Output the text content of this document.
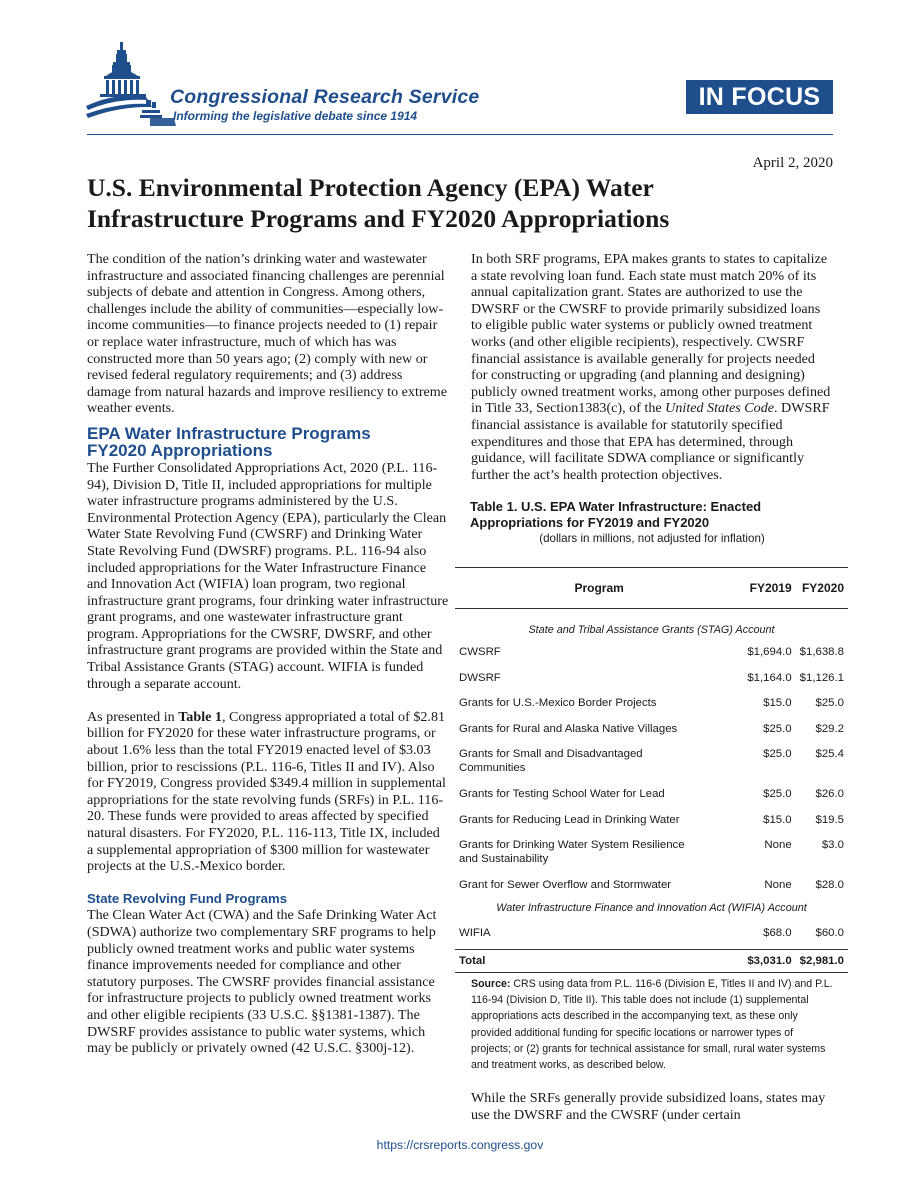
Congressional Research Service
Informing the legislative debate since 1914
IN FOCUS
April 2, 2020
U.S. Environmental Protection Agency (EPA) Water
Infrastructure Programs and FY2020 Appropriations

The condition of the nation’s drinking water and wastewater infrastructure and associated financing challenges are perennial subjects of debate and attention in Congress. Among others, challenges include the ability of communities—especially low-income communities—to finance projects needed to (1) repair or replace water infrastructure, much of which has was constructed more than 50 years ago; (2) comply with new or revised federal regulatory requirements; and (3) address damage from natural hazards and improve resiliency to extreme weather events.

EPA Water Infrastructure Programs
FY2020 Appropriations

The Further Consolidated Appropriations Act, 2020 (P.L. 116-94), Division D, Title II, included appropriations for multiple water infrastructure programs administered by the U.S. Environmental Protection Agency (EPA), particularly the Clean Water State Revolving Fund (CWSRF) and Drinking Water State Revolving Fund (DWSRF) programs. P.L. 116-94 also included appropriations for the Water Infrastructure Finance and Innovation Act (WIFIA) loan program, two regional infrastructure grant programs, four drinking water infrastructure grant programs, and one wastewater infrastructure grant program. Appropriations for the CWSRF, DWSRF, and other infrastructure grant programs are provided within the State and Tribal Assistance Grants (STAG) account. WIFIA is funded through a separate account.

As presented in Table 1, Congress appropriated a total of $2.81 billion for FY2020 for these water infrastructure programs, or about 1.6% less than the total FY2019 enacted level of $3.03 billion, prior to rescissions (P.L. 116-6, Titles II and IV). Also for FY2019, Congress provided $349.4 million in supplemental appropriations for the state revolving funds (SRFs) in P.L. 116-20. These funds were provided to areas affected by specified natural disasters. For FY2020, P.L. 116-113, Title IX, included a supplemental appropriation of $300 million for wastewater projects at the U.S.-Mexico border.

State Revolving Fund Programs

The Clean Water Act (CWA) and the Safe Drinking Water Act (SDWA) authorize two complementary SRF programs to help publicly owned treatment works and public water systems finance improvements needed for compliance and other statutory purposes. The CWSRF provides financial assistance for infrastructure projects to publicly owned treatment works and other eligible recipients (33 U.S.C. §§1381-1387). The DWSRF provides assistance to public water systems, which may be publicly or privately owned (42 U.S.C. §300j-12).

In both SRF programs, EPA makes grants to states to capitalize a state revolving loan fund. Each state must match 20% of its annual capitalization grant. States are authorized to use the DWSRF or the CWSRF to provide primarily subsidized loans to eligible public water systems or publicly owned treatment works (and other eligible recipients), respectively. CWSRF financial assistance is available generally for projects needed for constructing or upgrading (and planning and designing) publicly owned treatment works, among other purposes defined in Title 33, Section1383(c), of the United States Code. DWSRF financial assistance is available for statutorily specified expenditures and those that EPA has determined, through guidance, will facilitate SDWA compliance or significantly further the act’s health protection objectives.

Table 1. U.S. EPA Water Infrastructure: Enacted
Appropriations for FY2019 and FY2020
(dollars in millions, not adjusted for inflation)
Program	FY2019	FY2020
State and Tribal Assistance Grants (STAG) Account		
CWSRF	$1,694.0	$1,638.8
DWSRF	$1,164.0	$1,126.1
Grants for U.S.-Mexico Border Projects	$15.0	$25.0
Grants for Rural and Alaska Native Villages	$25.0	$29.2
Grants for Small and Disadvantaged Communities	$25.0	$25.4
Grants for Testing School Water for Lead	$25.0	$26.0
Grants for Reducing Lead in Drinking Water	$15.0	$19.5
Grants for Drinking Water System Resilience and Sustainability	None	$3.0
Grant for Sewer Overflow and Stormwater	None	$28.0
Water Infrastructure Finance and Innovation Act (WIFIA) Account		
WIFIA	$68.0	$60.0
Total	$3,031.0	$2,981.0

Source: CRS using data from P.L. 116-6 (Division E, Titles II and IV) and P.L. 116-94 (Division D, Title II). This table does not include (1) supplemental appropriations acts described in the accompanying text, as these only provided additional funding for specific locations or narrower types of projects; or (2) grants for technical assistance for small, rural water systems and treatment works, as described below.

While the SRFs generally provide subsidized loans, states may use the DWSRF and the CWSRF (under certain

https://crsreports.congress.gov
